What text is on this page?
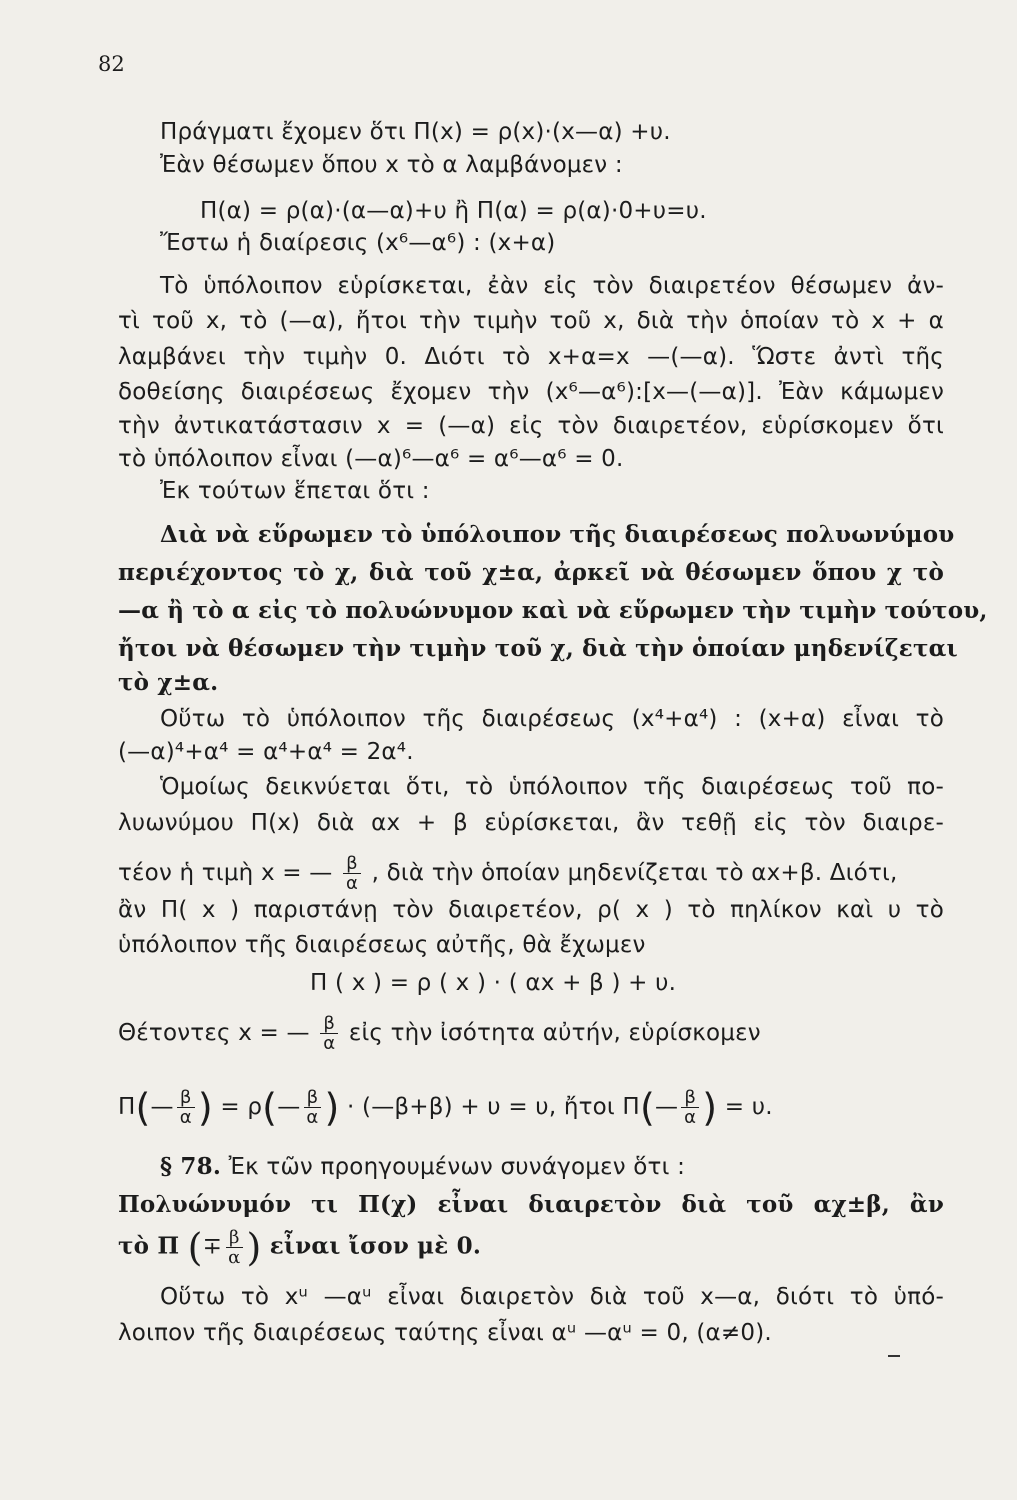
82
Πράγματι ἔχομεν ὅτι Π(x) = ρ(x)·(x—α) +υ.
Ἐὰν θέσωμεν ὅπου x τὸ α λαμβάνομεν :
Π(α) = ρ(α)·(α—α)+υ ἢ Π(α) = ρ(α)·0+υ=υ.
Ἔστω ἡ διαίρεσις (x⁶—α⁶) : (x+α)
Τὸ ὑπόλοιπον εὑρίσκεται, ἐὰν εἰς τὸν διαιρετέον θέσωμεν ἀν-
τὶ τοῦ x, τὸ (—α), ἤτοι τὴν τιμὴν τοῦ x, διὰ τὴν ὁποίαν τὸ x + α
λαμβάνει τὴν τιμὴν 0. Διότι τὸ x+α=x —(—α). Ὥστε ἀντὶ τῆς
δοθείσης διαιρέσεως ἔχομεν τὴν (x⁶—α⁶):[x—(—α)]. Ἐὰν κάμωμεν
τὴν ἀντικατάστασιν x = (—α) εἰς τὸν διαιρετέον, εὑρίσκομεν ὅτι
τὸ ὑπόλοιπον εἶναι (—α)⁶—α⁶ = α⁶—α⁶ = 0.
Ἐκ τούτων ἕπεται ὅτι :
Διὰ νὰ εὕρωμεν τὸ ὑπόλοιπον τῆς διαιρέσεως πολυωνύμου
περιέχοντος τὸ χ, διὰ τοῦ χ±α, ἀρκεῖ νὰ θέσωμεν ὅπου χ τὸ
—α ἢ τὸ α εἰς τὸ πολυώνυμον καὶ νὰ εὕρωμεν τὴν τιμὴν τούτου,
ἤτοι νὰ θέσωμεν τὴν τιμὴν τοῦ χ, διὰ τὴν ὁποίαν μηδενίζεται
τὸ χ±α.
Οὕτω τὸ ὑπόλοιπον τῆς διαιρέσεως (x⁴+α⁴) : (x+α) εἶναι τὸ
(—α)⁴+α⁴ = α⁴+α⁴ = 2α⁴.
Ὁμοίως δεικνύεται ὅτι, τὸ ὑπόλοιπον τῆς διαιρέσεως τοῦ πο-
λυωνύμου Π(x) διὰ αx + β εὑρίσκεται, ἂν τεθῇ εἰς τὸν διαιρε-
τέον ἡ τιμὴ x = — $\frac{\beta}{\alpha}$ , διὰ τὴν ὁποίαν μηδενίζεται τὸ αx+β. Διότι,
ἂν Π( x ) παριστάνῃ τὸν διαιρετέον, ρ( x ) τὸ πηλίκον καὶ υ τὸ
ὑπόλοιπον τῆς διαιρέσεως αὐτῆς, θὰ ἔχωμεν
Π ( x ) = ρ ( x ) · ( αx + β ) + υ.
Θέτοντες x = — $\frac{\beta}{\alpha}$ εἰς τὴν ἰσότητα αὐτήν, εὑρίσκομεν
Π(— $\frac{\beta}{\alpha}$ ) = ρ(— $\frac{\beta}{\alpha}$ ) · (—β+β) + υ = υ, ἤτοι Π(— $\frac{\beta}{\alpha}$ ) = υ.
§ 78. Ἐκ τῶν προηγουμένων συνάγομεν ὅτι :
Πολυώνυμόν τι Π(χ) εἶναι διαιρετὸν διὰ τοῦ αχ±β, ἂν
τὸ Π (∓ $\frac{\beta}{\alpha}$ ) εἶναι ἴσον μὲ 0.
Οὕτω τὸ xᵘ —αᵘ εἶναι διαιρετὸν διὰ τοῦ x—α, διότι τὸ ὑπό-
λοιπον τῆς διαιρέσεως ταύτης εἶναι αᵘ —αᵘ = 0, (α≠0).
